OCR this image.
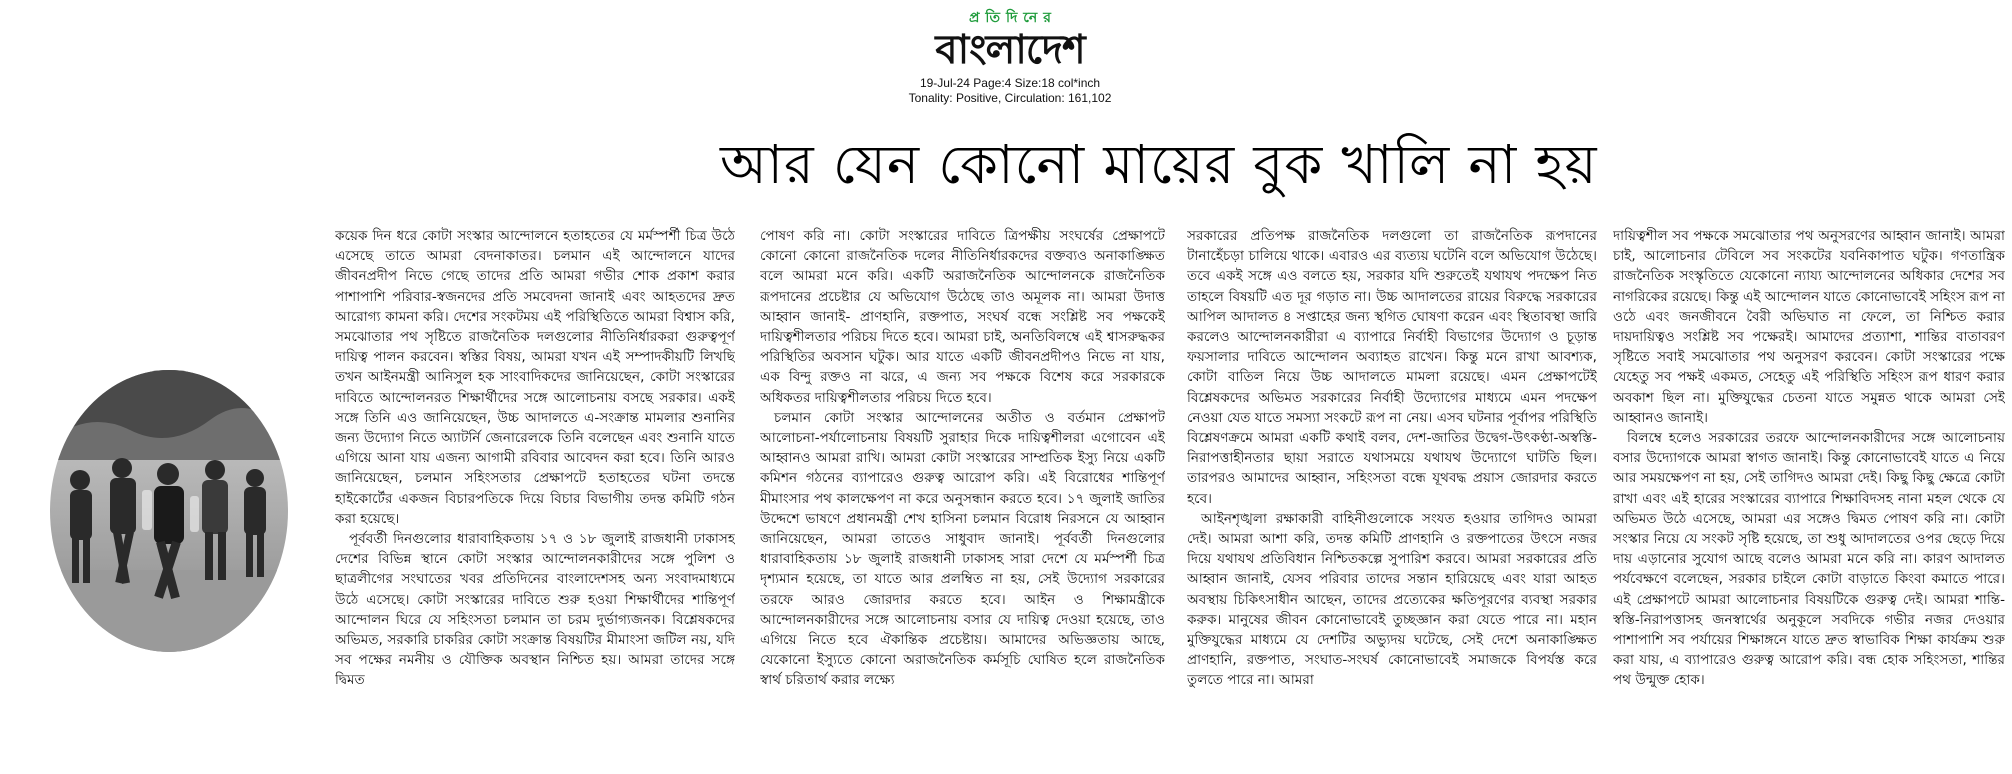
প্রতিদিনের
বাংলাদেশ
19-Jul-24 Page:4 Size:18 col*inch
Tonality: Positive, Circulation: 161,102
আর যেন কোনো মায়ের বুক খালি না হয়

কয়েক দিন ধরে কোটা সংস্কার আন্দোলনে হতাহতের যে মর্মস্পর্শী চিত্র উঠে এসেছে তাতে আমরা বেদনাকাতর। চলমান এই আন্দোলনে যাদের জীবনপ্রদীপ নিভে গেছে তাদের প্রতি আমরা গভীর শোক প্রকাশ করার পাশাপাশি পরিবার-স্বজনদের প্রতি সমবেদনা জানাই এবং আহতদের দ্রুত আরোগ্য কামনা করি। দেশের সংকটময় এই পরিস্থিতিতে আমরা বিশ্বাস করি, সমঝোতার পথ সৃষ্টিতে রাজনৈতিক দলগুলোর নীতিনির্ধারকরা গুরুত্বপূর্ণ দায়িত্ব পালন করবেন। স্বস্তির বিষয়, আমরা যখন এই সম্পাদকীয়টি লিখছি তখন আইনমন্ত্রী আনিসুল হক সাংবাদিকদের জানিয়েছেন, কোটা সংস্কারের দাবিতে আন্দোলনরত শিক্ষার্থীদের সঙ্গে আলোচনায় বসছে সরকার। একই সঙ্গে তিনি এও জানিয়েছেন, উচ্চ আদালতে এ-সংক্রান্ত মামলার শুনানির জন্য উদ্যোগ নিতে অ্যাটর্নি জেনারেলকে তিনি বলেছেন এবং শুনানি যাতে এগিয়ে আনা যায় এজন্য আগামী রবিবার আবেদন করা হবে। তিনি আরও জানিয়েছেন, চলমান সহিংসতার প্রেক্ষাপটে হতাহতের ঘটনা তদন্তে হাইকোর্টের একজন বিচারপতিকে দিয়ে বিচার বিভাগীয় তদন্ত কমিটি গঠন করা হয়েছে।

পূর্ববর্তী দিনগুলোর ধারাবাহিকতায় ১৭ ও ১৮ জুলাই রাজধানী ঢাকাসহ দেশের বিভিন্ন স্থানে কোটা সংস্কার আন্দোলনকারীদের সঙ্গে পুলিশ ও ছাত্রলীগের সংঘাতের খবর প্রতিদিনের বাংলাদেশসহ অন্য সংবাদমাধ্যমে উঠে এসেছে। কোটা সংস্কারের দাবিতে শুরু হওয়া শিক্ষার্থীদের শান্তিপূর্ণ আন্দোলন ঘিরে যে সহিংসতা চলমান তা চরম দুর্ভাগ্যজনক। বিশ্লেষকদের অভিমত, সরকারি চাকরির কোটা সংক্রান্ত বিষয়টির মীমাংসা জটিল নয়, যদি সব পক্ষের নমনীয় ও যৌক্তিক অবস্থান নিশ্চিত হয়। আমরা তাদের সঙ্গে দ্বিমত

পোষণ করি না। কোটা সংস্কারের দাবিতে ত্রিপক্ষীয় সংঘর্ষের প্রেক্ষাপটে কোনো কোনো রাজনৈতিক দলের নীতিনির্ধারকদের বক্তব্যও অনাকাঙ্ক্ষিত বলে আমরা মনে করি। একটি অরাজনৈতিক আন্দোলনকে রাজনৈতিক রূপদানের প্রচেষ্টার যে অভিযোগ উঠেছে তাও অমূলক না। আমরা উদাত্ত আহ্বান জানাই- প্রাণহানি, রক্তপাত, সংঘর্ষ বন্ধে সংশ্লিষ্ট সব পক্ষকেই দায়িত্বশীলতার পরিচয় দিতে হবে। আমরা চাই, অনতিবিলম্বে এই শ্বাসরুদ্ধকর পরিস্থিতির অবসান ঘটুক। আর যাতে একটি জীবনপ্রদীপও নিভে না যায়, এক বিন্দু রক্তও না ঝরে, এ জন্য সব পক্ষকে বিশেষ করে সরকারকে অধিকতর দায়িত্বশীলতার পরিচয় দিতে হবে।

চলমান কোটা সংস্কার আন্দোলনের অতীত ও বর্তমান প্রেক্ষাপট আলোচনা-পর্যালোচনায় বিষয়টি সুরাহার দিকে দায়িত্বশীলরা এগোবেন এই আহ্বানও আমরা রাখি। আমরা কোটা সংস্কারের সাম্প্রতিক ইস্যু নিয়ে একটি কমিশন গঠনের ব্যাপারেও গুরুত্ব আরোপ করি। এই বিরোধের শান্তিপূর্ণ মীমাংসার পথ কালক্ষেপণ না করে অনুসন্ধান করতে হবে। ১৭ জুলাই জাতির উদ্দেশে ভাষণে প্রধানমন্ত্রী শেখ হাসিনা চলমান বিরোধ নিরসনে যে আহ্বান জানিয়েছেন, আমরা তাতেও সাধুবাদ জানাই। পূর্ববর্তী দিনগুলোর ধারাবাহিকতায় ১৮ জুলাই রাজধানী ঢাকাসহ সারা দেশে যে মর্মস্পর্শী চিত্র দৃশ্যমান হয়েছে, তা যাতে আর প্রলম্বিত না হয়, সেই উদ্যোগ সরকারের তরফে আরও জোরদার করতে হবে। আইন ও শিক্ষামন্ত্রীকে আন্দোলনকারীদের সঙ্গে আলোচনায় বসার যে দায়িত্ব দেওয়া হয়েছে, তাও এগিয়ে নিতে হবে ঐকান্তিক প্রচেষ্টায়। আমাদের অভিজ্ঞতায় আছে, যেকোনো ইস্যুতে কোনো অরাজনৈতিক কর্মসূচি ঘোষিত হলে রাজনৈতিক স্বার্থ চরিতার্থ করার লক্ষ্যে

সরকারের প্রতিপক্ষ রাজনৈতিক দলগুলো তা রাজনৈতিক রূপদানের টানাহেঁচড়া চালিয়ে থাকে। এবারও এর ব্যত্যয় ঘটেনি বলে অভিযোগ উঠেছে। তবে একই সঙ্গে এও বলতে হয়, সরকার যদি শুরুতেই যথাযথ পদক্ষেপ নিত তাহলে বিষয়টি এত দূর গড়াত না। উচ্চ আদালতের রায়ের বিরুদ্ধে সরকারের আপিল আদালত ৪ সপ্তাহের জন্য স্থগিত ঘোষণা করেন এবং স্থিতাবস্থা জারি করলেও আন্দোলনকারীরা এ ব্যাপারে নির্বাহী বিভাগের উদ্যোগ ও চূড়ান্ত ফয়সালার দাবিতে আন্দোলন অব্যাহত রাখেন। কিন্তু মনে রাখা আবশ্যক, কোটা বাতিল নিয়ে উচ্চ আদালতে মামলা রয়েছে। এমন প্রেক্ষাপটেই বিশ্লেষকদের অভিমত সরকারের নির্বাহী উদ্যোগের মাধ্যমে এমন পদক্ষেপ নেওয়া যেত যাতে সমস্যা সংকটে রূপ না নেয়। এসব ঘটনার পূর্বাপর পরিস্থিতি বিশ্লেষণক্রমে আমরা একটি কথাই বলব, দেশ-জাতির উদ্বেগ-উৎকণ্ঠা-অস্বস্তি-নিরাপত্তাহীনতার ছায়া সরাতে যথাসময়ে যথাযথ উদ্যোগে ঘাটতি ছিল। তারপরও আমাদের আহ্বান, সহিংসতা বন্ধে যূথবদ্ধ প্রয়াস জোরদার করতে হবে।

আইনশৃঙ্খলা রক্ষাকারী বাহিনীগুলোকে সংযত হওয়ার তাগিদও আমরা দেই। আমরা আশা করি, তদন্ত কমিটি প্রাণহানি ও রক্তপাতের উৎসে নজর দিয়ে যথাযথ প্রতিবিধান নিশ্চিতকল্পে সুপারিশ করবে। আমরা সরকারের প্রতি আহ্বান জানাই, যেসব পরিবার তাদের সন্তান হারিয়েছে এবং যারা আহত অবস্থায় চিকিৎসাধীন আছেন, তাদের প্রত্যেকের ক্ষতিপূরণের ব্যবস্থা সরকার করুক। মানুষের জীবন কোনোভাবেই তুচ্ছজ্ঞান করা যেতে পারে না। মহান মুক্তিযুদ্ধের মাধ্যমে যে দেশটির অভ্যুদয় ঘটেছে, সেই দেশে অনাকাঙ্ক্ষিত প্রাণহানি, রক্তপাত, সংঘাত-সংঘর্ষ কোনোভাবেই সমাজকে বিপর্যস্ত করে তুলতে পারে না। আমরা

দায়িত্বশীল সব পক্ষকে সমঝোতার পথ অনুসরণের আহ্বান জানাই। আমরা চাই, আলোচনার টেবিলে সব সংকটের যবনিকাপাত ঘটুক। গণতান্ত্রিক রাজনৈতিক সংস্কৃতিতে যেকোনো ন্যায্য আন্দোলনের অধিকার দেশের সব নাগরিকের রয়েছে। কিন্তু এই আন্দোলন যাতে কোনোভাবেই সহিংস রূপ না ওঠে এবং জনজীবনে বৈরী অভিঘাত না ফেলে, তা নিশ্চিত করার দায়দায়িত্বও সংশ্লিষ্ট সব পক্ষেরই। আমাদের প্রত্যাশা, শান্তির বাতাবরণ সৃষ্টিতে সবাই সমঝোতার পথ অনুসরণ করবেন। কোটা সংস্কারের পক্ষে যেহেতু সব পক্ষই একমত, সেহেতু এই পরিস্থিতি সহিংস রূপ ধারণ করার অবকাশ ছিল না। মুক্তিযুদ্ধের চেতনা যাতে সমুন্নত থাকে আমরা সেই আহ্বানও জানাই।

বিলম্বে হলেও সরকারের তরফে আন্দোলনকারীদের সঙ্গে আলোচনায় বসার উদ্যোগকে আমরা স্বাগত জানাই। কিন্তু কোনোভাবেই যাতে এ নিয়ে আর সময়ক্ষেপণ না হয়, সেই তাগিদও আমরা দেই। কিছু কিছু ক্ষেত্রে কোটা রাখা এবং এই হারের সংস্কারের ব্যাপারে শিক্ষাবিদসহ নানা মহল থেকে যে অভিমত উঠে এসেছে, আমরা এর সঙ্গেও দ্বিমত পোষণ করি না। কোটা সংস্কার নিয়ে যে সংকট সৃষ্টি হয়েছে, তা শুধু আদালতের ওপর ছেড়ে দিয়ে দায় এড়ানোর সুযোগ আছে বলেও আমরা মনে করি না। কারণ আদালত পর্যবেক্ষণে বলেছেন, সরকার চাইলে কোটা বাড়াতে কিংবা কমাতে পারে। এই প্রেক্ষাপটে আমরা আলোচনার বিষয়টিকে গুরুত্ব দেই। আমরা শান্তি-স্বস্তি-নিরাপত্তাসহ জনস্বার্থের অনুকূলে সবদিকে গভীর নজর দেওয়ার পাশাপাশি সব পর্যায়ের শিক্ষাঙ্গনে যাতে দ্রুত স্বাভাবিক শিক্ষা কার্যক্রম শুরু করা যায়, এ ব্যাপারেও গুরুত্ব আরোপ করি। বন্ধ হোক সহিংসতা, শান্তির পথ উন্মুক্ত হোক।
